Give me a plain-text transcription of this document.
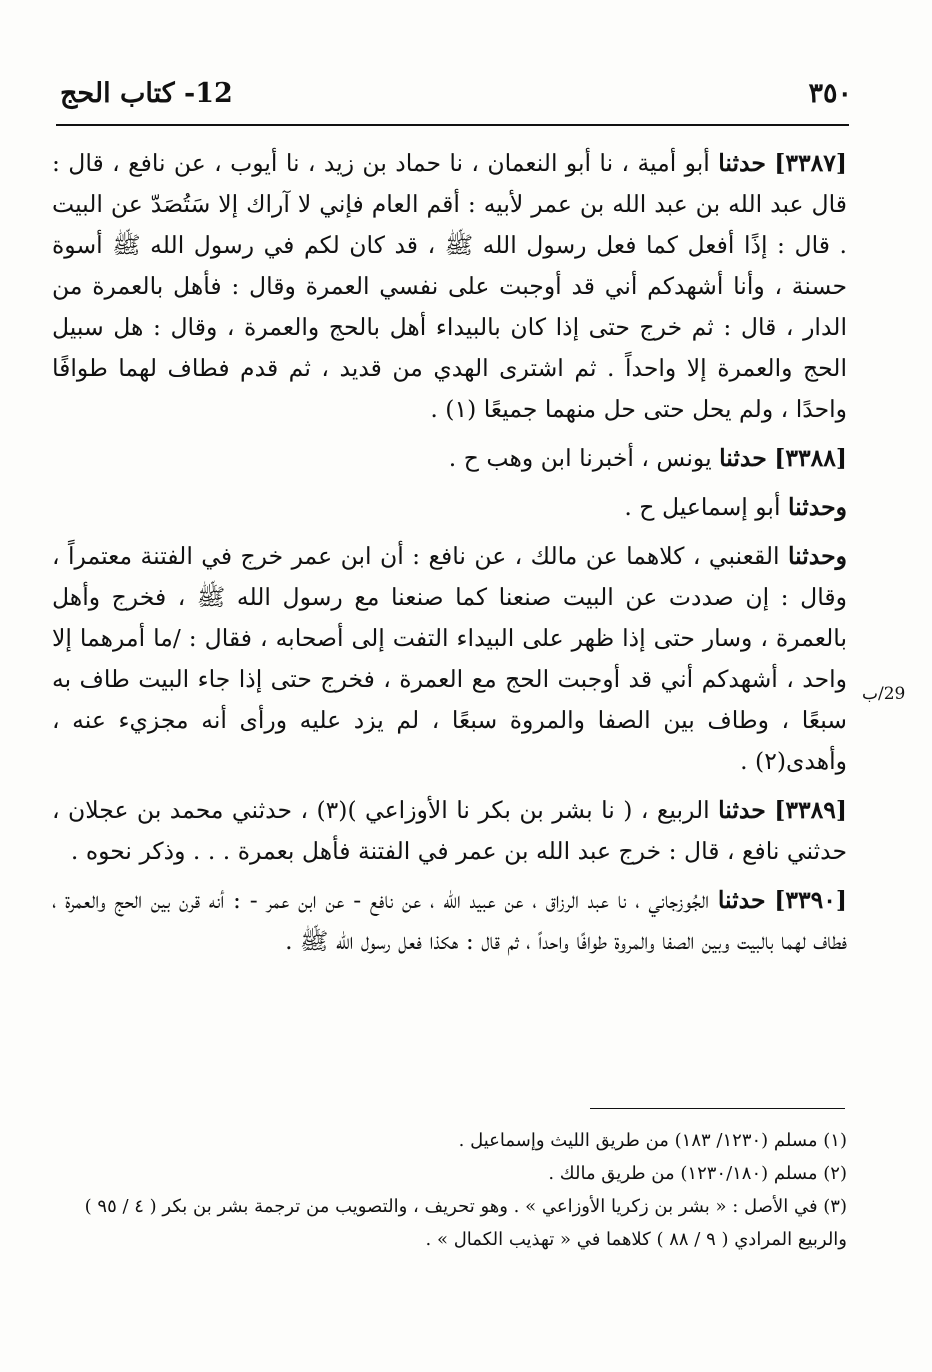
٣٥٠
12- كتاب الحج
29/ب

[٣٣٨٧] حدثنا أبو أمية ، نا أبو النعمان ، نا حماد بن زيد ، نا أيوب ، عن نافع ، قال : قال عبد الله بن عبد الله بن عمر لأبيه : أقم العام فإني لا آراك إلا سَتُصَدّ عن البيت . قال : إذًا أفعل كما فعل رسول الله ﷺ ، قد كان لكم في رسول الله ﷺ أسوة حسنة ، وأنا أشهدكم أني قد أوجبت على نفسي العمرة وقال : فأهل بالعمرة من الدار ، قال : ثم خرج حتى إذا كان بالبيداء أهل بالحج والعمرة ، وقال : هل سبيل الحج والعمرة إلا واحداً . ثم اشترى الهدي من قديد ، ثم قدم فطاف لهما طوافًا واحدًا ، ولم يحل حتى حل منهما جميعًا (١) .

[٣٣٨٨] حدثنا يونس ، أخبرنا ابن وهب ح .

وحدثنا أبو إسماعيل ح .

وحدثنا القعنبي ، كلاهما عن مالك ، عن نافع : أن ابن عمر خرج في الفتنة معتمراً ، وقال : إن صددت عن البيت صنعنا كما صنعنا مع رسول الله ﷺ ، فخرج وأهل بالعمرة ، وسار حتى إذا ظهر على البيداء التفت إلى أصحابه ، فقال : /ما أمرهما إلا واحد ، أشهدكم أني قد أوجبت الحج مع العمرة ، فخرج حتى إذا جاء البيت طاف به سبعًا ، وطاف بين الصفا والمروة سبعًا ، لم يزد عليه ورأى أنه مجزيء عنه ، وأهدى(٢) .

[٣٣٨٩] حدثنا الربيع ، ( نا بشر بن بكر نا الأوزاعي )(٣) ، حدثني محمد بن عجلان ، حدثني نافع ، قال : خرج عبد الله بن عمر في الفتنة فأهل بعمرة . . . وذكر نحوه .

[٣٣٩٠] حدثنا الجُوزجاني ، نا عبد الرزاق ، عن عبيد الله ، عن نافع - عن ابن عمر - : أنه قرن بين الحج والعمرة ، فطاف لهما بالبيت وبين الصفا والمروة طوافًا واحداً ، ثم قال : هكذا فعل رسول الله ﷺ .

(١) مسلم (١٢٣٠/ ١٨٣) من طريق الليث وإسماعيل .

(٢) مسلم (١٢٣٠/١٨٠) من طريق مالك .

(٣) في الأصل : « بشر بن زكريا الأوزاعي » . وهو تحريف ، والتصويب من ترجمة بشر بن بكر ( ٤ / ٩٥ ) والربيع المرادي ( ٩ / ٨٨ ) كلاهما في « تهذيب الكمال » .
